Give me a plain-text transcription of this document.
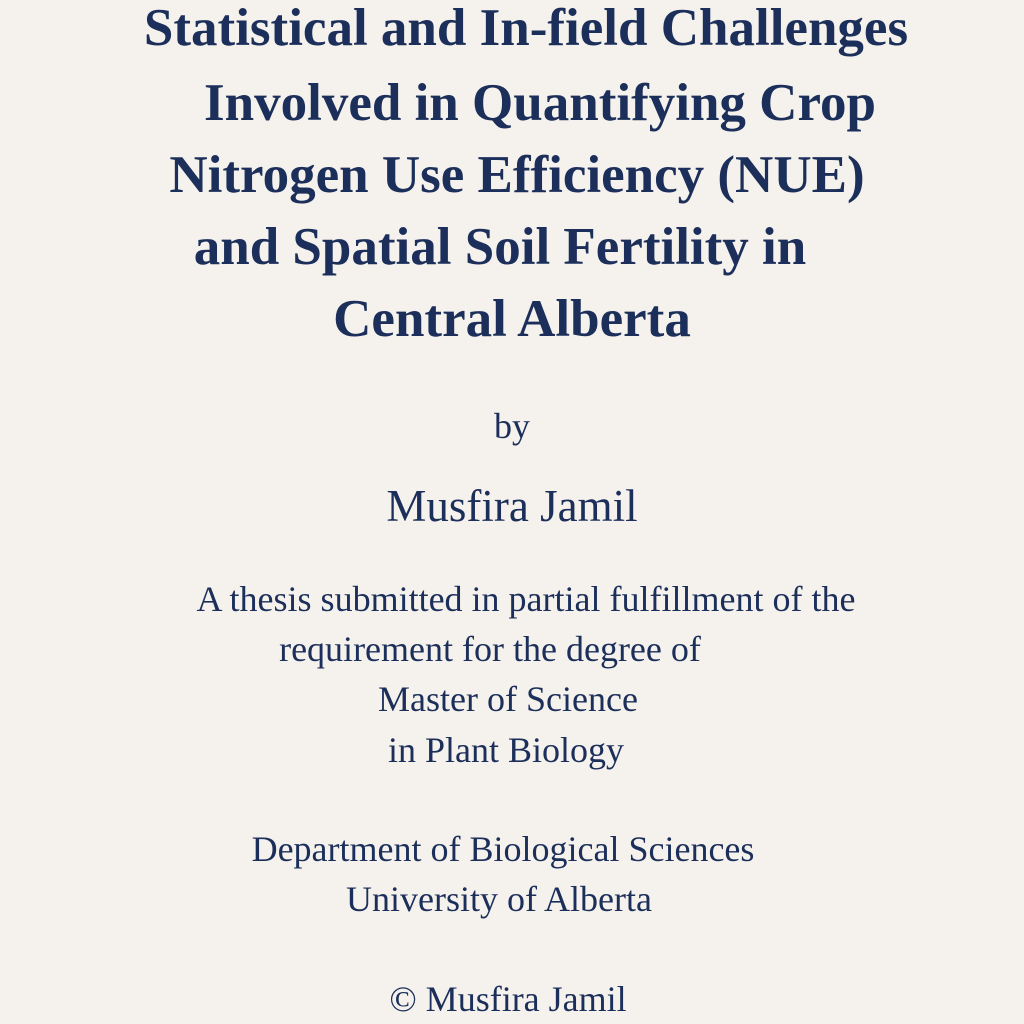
Statistical and In-field Challenges
Involved in Quantifying Crop
Nitrogen Use Efficiency (NUE)
and Spatial Soil Fertility in
Central Alberta
by
Musfira Jamil
A thesis submitted in partial fulfillment of the
requirement for the degree of
Master of Science
in Plant Biology
Department of Biological Sciences
University of Alberta
© Musfira Jamil
